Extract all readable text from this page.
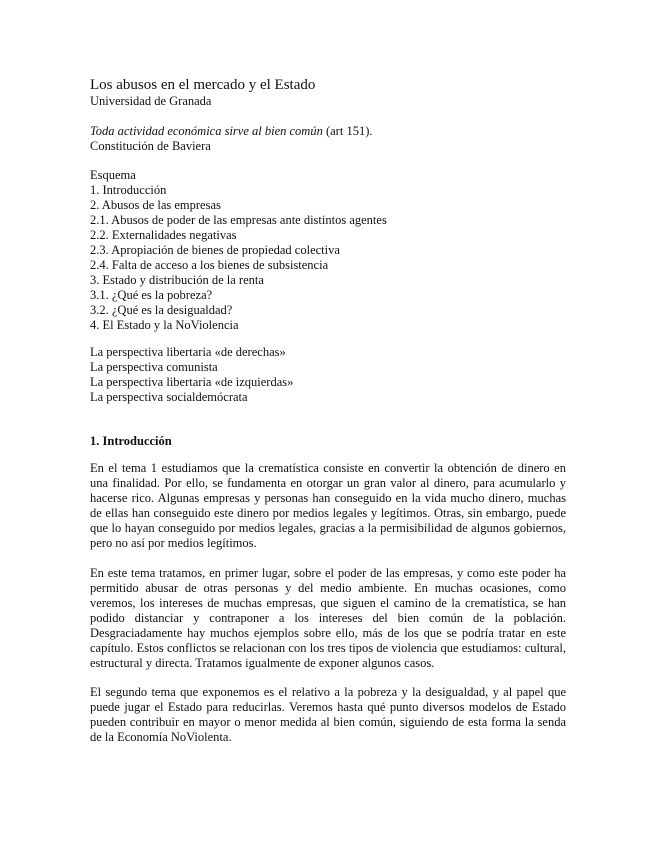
Los abusos en el mercado y el Estado
Universidad de Granada
Toda actividad económica sirve al bien común (art 151).
Constitución de Baviera
Esquema
1. Introducción
2. Abusos de las empresas
2.1. Abusos de poder de las empresas ante distintos agentes
2.2. Externalidades negativas
2.3. Apropiación de bienes de propiedad colectiva
2.4. Falta de acceso a los bienes de subsistencia
3. Estado y distribución de la renta
3.1. ¿Qué es la pobreza?
3.2. ¿Qué es la desigualdad?
4. El Estado y la NoViolencia
La perspectiva libertaria «de derechas»
La perspectiva comunista
La perspectiva libertaria «de izquierdas»
La perspectiva socialdemócrata
1. Introducción
En el tema 1 estudiamos que la crematística consiste en convertir la obtención de dinero en una finalidad. Por ello, se fundamenta en otorgar un gran valor al dinero, para acumularlo y hacerse rico. Algunas empresas y personas han conseguido en la vida mucho dinero, muchas de ellas han conseguido este dinero por medios legales y legítimos. Otras, sin embargo, puede que lo hayan conseguido por medios legales, gracias a la permisibilidad de algunos gobiernos, pero no así por medios legítimos.
En este tema tratamos, en primer lugar, sobre el poder de las empresas, y como este poder ha permitido abusar de otras personas y del medio ambiente. En muchas ocasiones, como veremos, los intereses de muchas empresas, que siguen el camino de la crematística, se han podido distanciar y contraponer a los intereses del bien común de la población. Desgraciadamente hay muchos ejemplos sobre ello, más de los que se podría tratar en este capítulo. Estos conflictos se relacionan con los tres tipos de violencia que estudiamos: cultural, estructural y directa. Tratamos igualmente de exponer algunos casos.
El segundo tema que exponemos es el relativo a la pobreza y la desigualdad, y al papel que puede jugar el Estado para reducirlas. Veremos hasta qué punto diversos modelos de Estado pueden contribuir en mayor o menor medida al bien común, siguiendo de esta forma la senda de la Economía NoViolenta.
